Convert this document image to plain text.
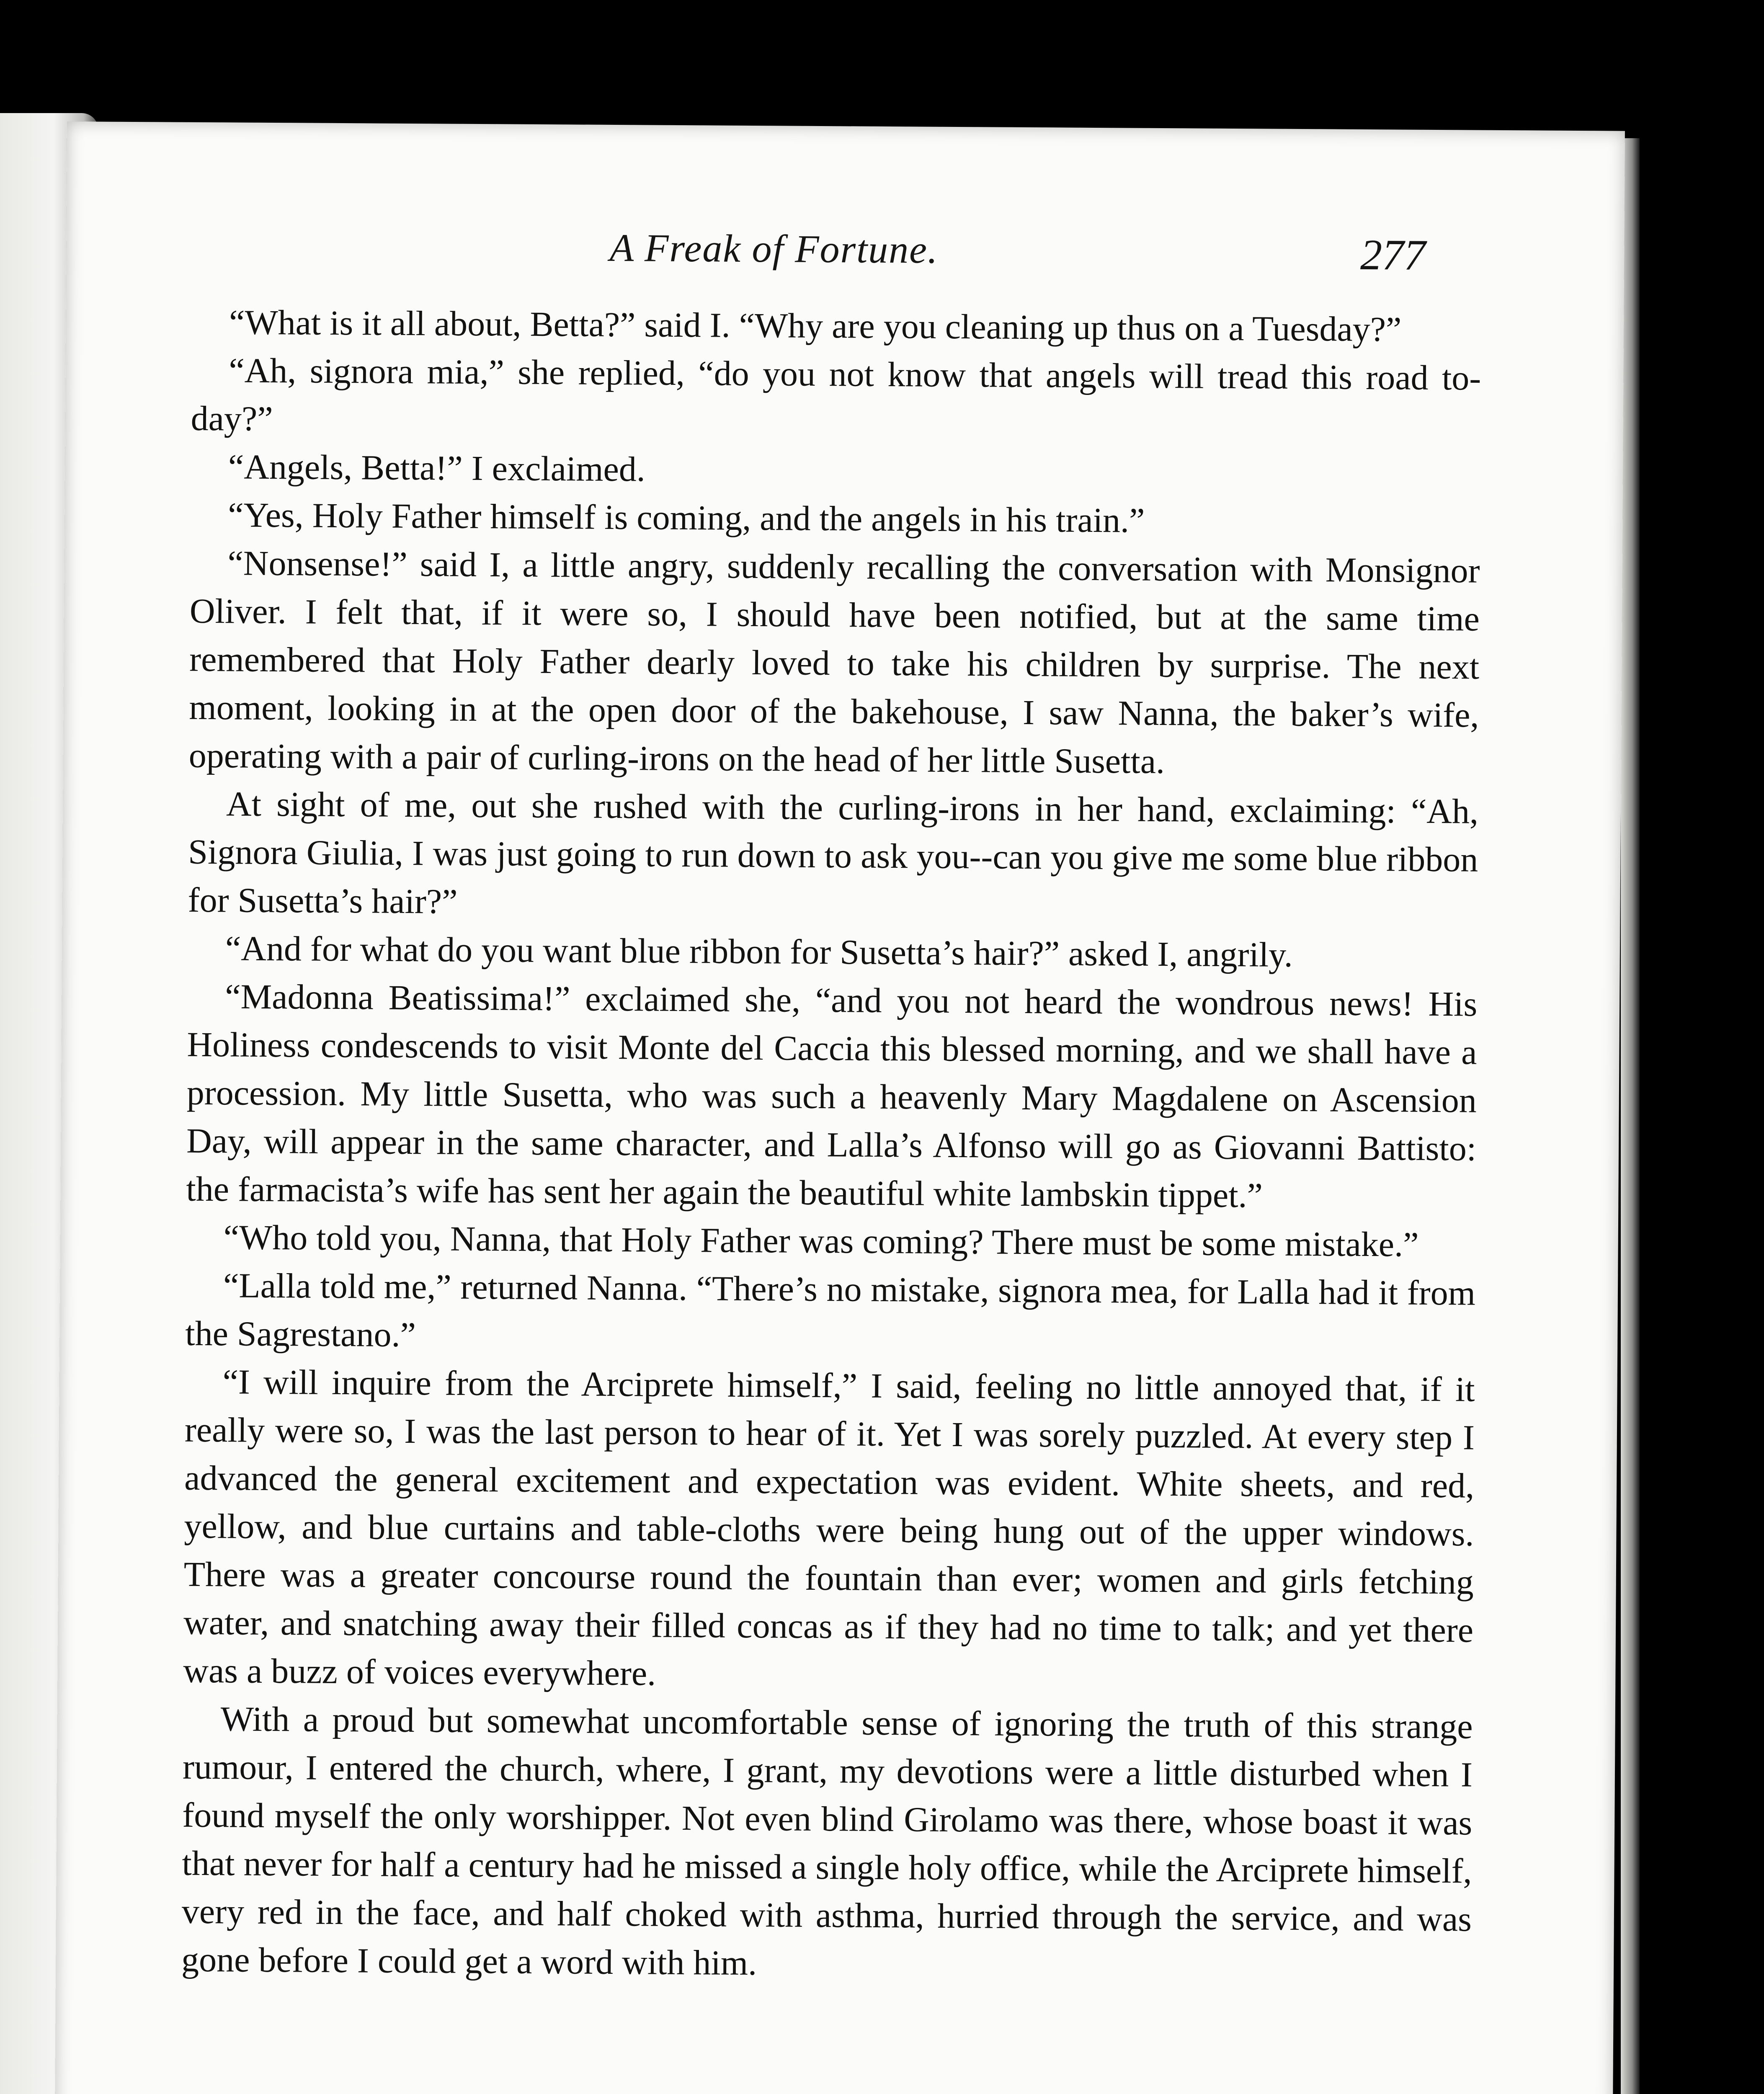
A Freak of Fortune.	277

“What is it all about, Betta?” said I. “Why are you cleaning up thus on a Tuesday?”

“Ah, signora mia,” she replied, “do you not know that angels will tread this road to-day?”

“Angels, Betta!” I exclaimed.

“Yes, Holy Father himself is coming, and the angels in his train.”

“Nonsense!” said I, a little angry, suddenly recalling the conversation with Monsignor Oliver. I felt that, if it were so, I should have been notified, but at the same time remembered that Holy Father dearly loved to take his children by surprise. The next moment, looking in at the open door of the bakehouse, I saw Nanna, the baker’s wife, operating with a pair of curling-irons on the head of her little Susetta.

At sight of me, out she rushed with the curling-irons in her hand, exclaiming: “Ah, Signora Giulia, I was just going to run down to ask you--can you give me some blue ribbon for Susetta’s hair?”

“And for what do you want blue ribbon for Susetta’s hair?” asked I, angrily.

“Madonna Beatissima!” exclaimed she, “and you not heard the wondrous news! His Holiness condescends to visit Monte del Caccia this blessed morning, and we shall have a procession. My little Susetta, who was such a heavenly Mary Magdalene on Ascension Day, will appear in the same character, and Lalla’s Alfonso will go as Giovanni Battisto: the farmacista’s wife has sent her again the beautiful white lambskin tippet.”

“Who told you, Nanna, that Holy Father was coming? There must be some mistake.”

“Lalla told me,” returned Nanna. “There’s no mistake, signora mea, for Lalla had it from the Sagrestano.”

“I will inquire from the Arciprete himself,” I said, feeling no little annoyed that, if it really were so, I was the last person to hear of it. Yet I was sorely puzzled. At every step I advanced the general excitement and expectation was evident. White sheets, and red, yellow, and blue curtains and table-cloths were being hung out of the upper windows. There was a greater concourse round the fountain than ever; women and girls fetching water, and snatching away their filled concas as if they had no time to talk; and yet there was a buzz of voices everywhere.

With a proud but somewhat uncomfortable sense of ignoring the truth of this strange rumour, I entered the church, where, I grant, my devotions were a little disturbed when I found myself the only worshipper. Not even blind Girolamo was there, whose boast it was that never for half a century had he missed a single holy office, while the Arciprete himself, very red in the face, and half choked with asthma, hurried through the service, and was gone before I could get a word with him.
